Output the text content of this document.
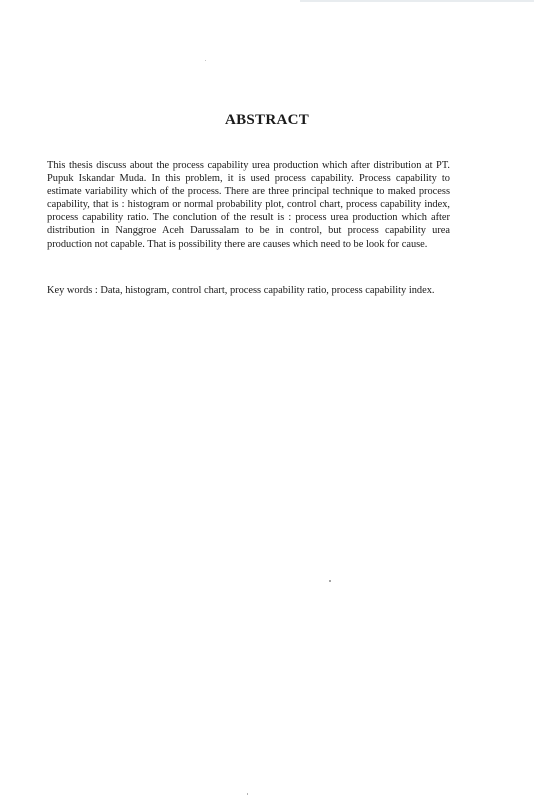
ABSTRACT

This thesis discuss about the process capability urea production which after distribution at PT. Pupuk Iskandar Muda. In this problem, it is used process capability. Process capability to estimate variability which of the process. There are three principal technique to maked process capability, that is : histogram or normal probability plot, control chart, process capability index, process capability ratio. The conclution of the result is : process urea production which after distribution in Nanggroe Aceh Darussalam to be in control, but process capability urea production not capable. That is possibility there are causes which need to be look for cause.

Key words : Data, histogram, control chart, process capability ratio, process capability index.
